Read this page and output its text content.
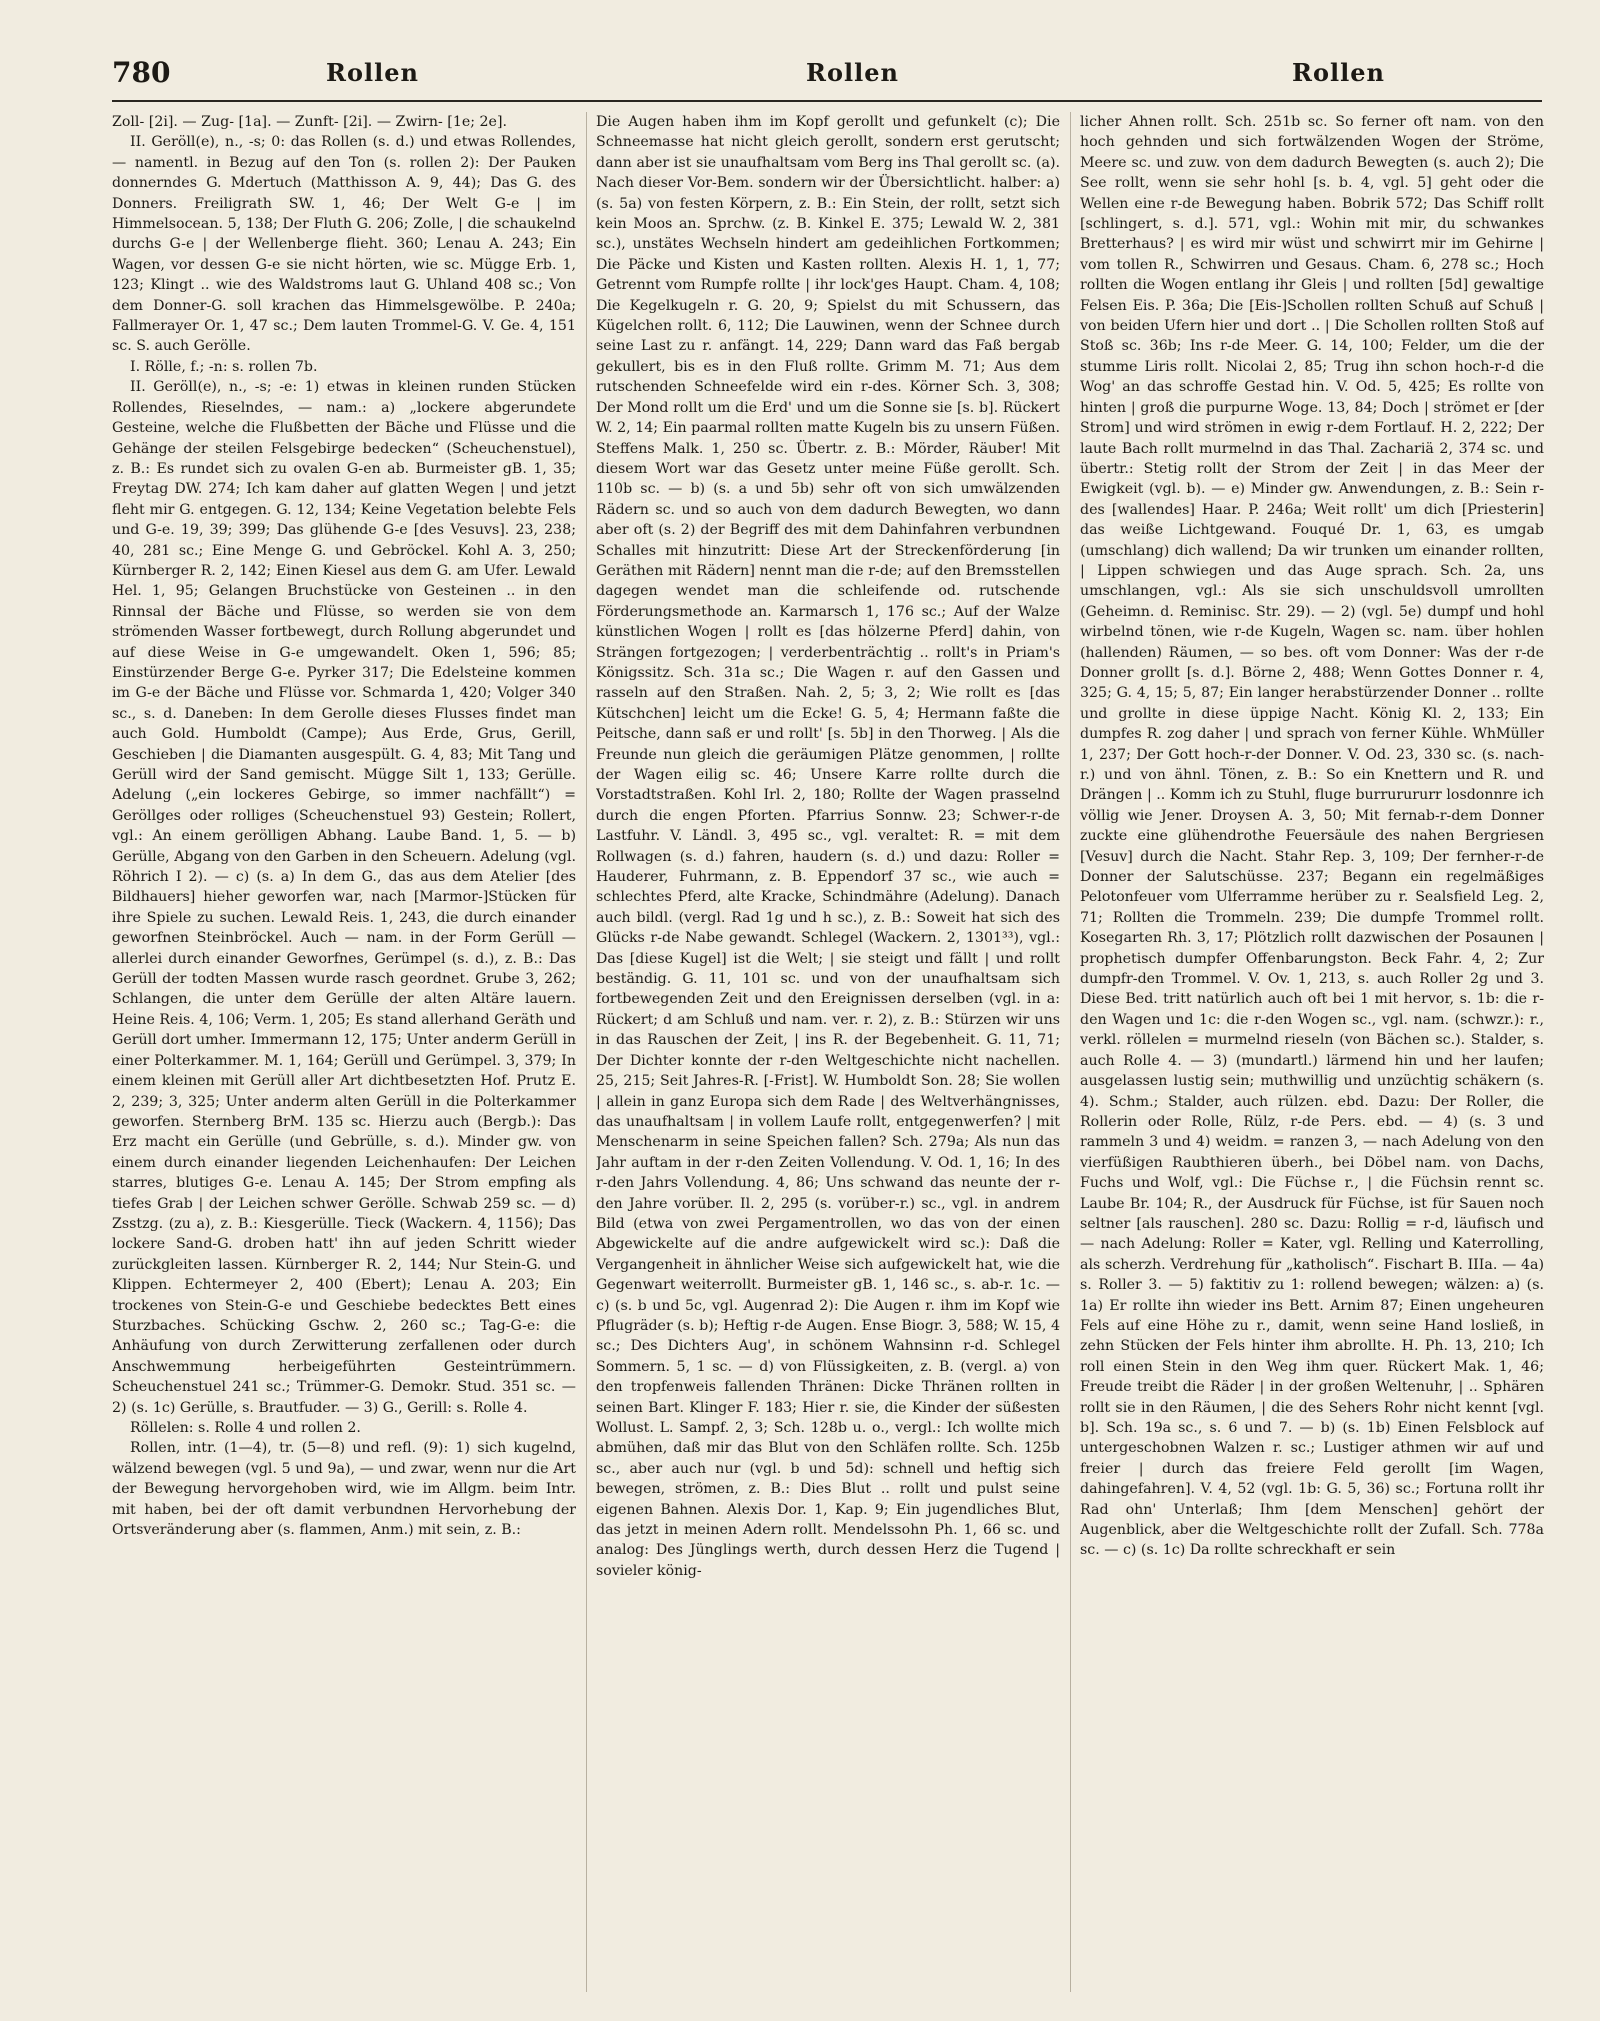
780	Rollen	Rollen	Rollen

Zoll- [2i]. — Zug- [1a]. — Zunft- [2i]. — Zwirn- [1e; 2e].

II. Geröll(e), n., -s; 0: das Rollen (s. d.) und etwas Rollendes, — namentl. in Bezug auf den Ton (s. rollen 2): Der Pauken donnerndes G. Mdertuch (Matthisson A. 9, 44); Das G. des Donners. Freiligrath SW. 1, 46; Der Welt G-e | im Himmelsocean. 5, 138; Der Fluth G. 206; Zolle, | die schaukelnd durchs G-e | der Wellenberge flieht. 360; Lenau A. 243; Ein Wagen, vor dessen G-e sie nicht hörten, wie sc. Mügge Erb. 1, 123; Klingt .. wie des Waldstroms laut G. Uhland 408 sc.; Von dem Donner-G. soll krachen das Himmelsgewölbe. P. 240a; Fallmerayer Or. 1, 47 sc.; Dem lauten Trommel-G. V. Ge. 4, 151 sc. S. auch Gerölle.

I. Rölle, f.; -n: s. rollen 7b.

II. Geröll(e), n., -s; -e: 1) etwas in kleinen runden Stücken Rollendes, Rieselndes, — nam.: a) „lockere abgerundete Gesteine, welche die Flußbetten der Bäche und Flüsse und die Gehänge der steilen Felsgebirge bedecken“ (Scheuchenstuel), z. B.: Es rundet sich zu ovalen G-en ab. Burmeister gB. 1, 35; Freytag DW. 274; Ich kam daher auf glatten Wegen | und jetzt fleht mir G. entgegen. G. 12, 134; Keine Vegetation belebte Fels und G-e. 19, 39; 399; Das glühende G-e [des Vesuvs]. 23, 238; 40, 281 sc.; Eine Menge G. und Gebröckel. Kohl A. 3, 250; Kürnberger R. 2, 142; Einen Kiesel aus dem G. am Ufer. Lewald Hel. 1, 95; Gelangen Bruchstücke von Gesteinen .. in den Rinnsal der Bäche und Flüsse, so werden sie von dem strömenden Wasser fortbewegt, durch Rollung abgerundet und auf diese Weise in G-e umgewandelt. Oken 1, 596; 85; Einstürzender Berge G-e. Pyrker 317; Die Edelsteine kommen im G-e der Bäche und Flüsse vor. Schmarda 1, 420; Volger 340 sc., s. d. Daneben: In dem Gerolle dieses Flusses findet man auch Gold. Humboldt (Campe); Aus Erde, Grus, Gerill, Geschieben | die Diamanten ausgespült. G. 4, 83; Mit Tang und Gerüll wird der Sand gemischt. Mügge Silt 1, 133; Gerülle. Adelung („ein lockeres Gebirge, so immer nachfällt“) = Geröllges oder rolliges (Scheuchenstuel 93) Gestein; Rollert, vgl.: An einem gerölligen Abhang. Laube Band. 1, 5. — b) Gerülle, Abgang von den Garben in den Scheuern. Adelung (vgl. Röhrich I 2). — c) (s. a) In dem G., das aus dem Atelier [des Bildhauers] hieher geworfen war, nach [Marmor-]Stücken für ihre Spiele zu suchen. Lewald Reis. 1, 243, die durch einander geworfnen Steinbröckel. Auch — nam. in der Form Gerüll — allerlei durch einander Geworfnes, Gerümpel (s. d.), z. B.: Das Gerüll der todten Massen wurde rasch geordnet. Grube 3, 262; Schlangen, die unter dem Gerülle der alten Altäre lauern. Heine Reis. 4, 106; Verm. 1, 205; Es stand allerhand Geräth und Gerüll dort umher. Immermann 12, 175; Unter anderm Gerüll in einer Polterkammer. M. 1, 164; Gerüll und Gerümpel. 3, 379; In einem kleinen mit Gerüll aller Art dichtbesetzten Hof. Prutz E. 2, 239; 3, 325; Unter anderm alten Gerüll in die Polterkammer geworfen. Sternberg BrM. 135 sc. Hierzu auch (Bergb.): Das Erz macht ein Gerülle (und Gebrülle, s. d.). Minder gw. von einem durch einander liegenden Leichenhaufen: Der Leichen starres, blutiges G-e. Lenau A. 145; Der Strom empfing als tiefes Grab | der Leichen schwer Gerölle. Schwab 259 sc. — d) Zsstzg. (zu a), z. B.: Kiesgerülle. Tieck (Wackern. 4, 1156); Das lockere Sand-G. droben hatt' ihn auf jeden Schritt wieder zurückgleiten lassen. Kürnberger R. 2, 144; Nur Stein-G. und Klippen. Echtermeyer 2, 400 (Ebert); Lenau A. 203; Ein trockenes von Stein-G-e und Geschiebe bedecktes Bett eines Sturzbaches. Schücking Gschw. 2, 260 sc.; Tag-G-e: die Anhäufung von durch Zerwitterung zerfallenen oder durch Anschwemmung herbeigeführten Gesteintrümmern. Scheuchenstuel 241 sc.; Trümmer-G. Demokr. Stud. 351 sc. — 2) (s. 1c) Gerülle, s. Brautfuder. — 3) G., Gerill: s. Rolle 4.

Röllelen: s. Rolle 4 und rollen 2.

Rollen, intr. (1—4), tr. (5—8) und refl. (9): 1) sich kugelnd, wälzend bewegen (vgl. 5 und 9a), — und zwar, wenn nur die Art der Bewegung hervorgehoben wird, wie im Allgm. beim Intr. mit haben, bei der oft damit verbundnen Hervorhebung der Ortsveränderung aber (s. flammen, Anm.) mit sein, z. B.:

Die Augen haben ihm im Kopf gerollt und gefunkelt (c); Die Schneemasse hat nicht gleich gerollt, sondern erst gerutscht; dann aber ist sie unaufhaltsam vom Berg ins Thal gerollt sc. (a). Nach dieser Vor-Bem. sondern wir der Übersichtlicht. halber: a) (s. 5a) von festen Körpern, z. B.: Ein Stein, der rollt, setzt sich kein Moos an. Sprchw. (z. B. Kinkel E. 375; Lewald W. 2, 381 sc.), unstätes Wechseln hindert am gedeihlichen Fortkommen; Die Päcke und Kisten und Kasten rollten. Alexis H. 1, 1, 77; Getrennt vom Rumpfe rollte | ihr lock'ges Haupt. Cham. 4, 108; Die Kegelkugeln r. G. 20, 9; Spielst du mit Schussern, das Kügelchen rollt. 6, 112; Die Lauwinen, wenn der Schnee durch seine Last zu r. anfängt. 14, 229; Dann ward das Faß bergab gekullert, bis es in den Fluß rollte. Grimm M. 71; Aus dem rutschenden Schneefelde wird ein r-des. Körner Sch. 3, 308; Der Mond rollt um die Erd' und um die Sonne sie [s. b]. Rückert W. 2, 14; Ein paarmal rollten matte Kugeln bis zu unsern Füßen. Steffens Malk. 1, 250 sc. Übertr. z. B.: Mörder, Räuber! Mit diesem Wort war das Gesetz unter meine Füße gerollt. Sch. 110b sc. — b) (s. a und 5b) sehr oft von sich umwälzenden Rädern sc. und so auch von dem dadurch Bewegten, wo dann aber oft (s. 2) der Begriff des mit dem Dahinfahren verbundnen Schalles mit hinzutritt: Diese Art der Streckenförderung [in Geräthen mit Rädern] nennt man die r-de; auf den Bremsstellen dagegen wendet man die schleifende od. rutschende Förderungsmethode an. Karmarsch 1, 176 sc.; Auf der Walze künstlichen Wogen | rollt es [das hölzerne Pferd] dahin, von Strängen fortgezogen; | verderbenträchtig .. rollt's in Priam's Königssitz. Sch. 31a sc.; Die Wagen r. auf den Gassen und rasseln auf den Straßen. Nah. 2, 5; 3, 2; Wie rollt es [das Kütschchen] leicht um die Ecke! G. 5, 4; Hermann faßte die Peitsche, dann saß er und rollt' [s. 5b] in den Thorweg. | Als die Freunde nun gleich die geräumigen Plätze genommen, | rollte der Wagen eilig sc. 46; Unsere Karre rollte durch die Vorstadtstraßen. Kohl Irl. 2, 180; Rollte der Wagen prasselnd durch die engen Pforten. Pfarrius Sonnw. 23; Schwer-r-de Lastfuhr. V. Ländl. 3, 495 sc., vgl. veraltet: R. = mit dem Rollwagen (s. d.) fahren, haudern (s. d.) und dazu: Roller = Hauderer, Fuhrmann, z. B. Eppendorf 37 sc., wie auch = schlechtes Pferd, alte Kracke, Schindmähre (Adelung). Danach auch bildl. (vergl. Rad 1g und h sc.), z. B.: Soweit hat sich des Glücks r-de Nabe gewandt. Schlegel (Wackern. 2, 1301³³), vgl.: Das [diese Kugel] ist die Welt; | sie steigt und fällt | und rollt beständig. G. 11, 101 sc. und von der unaufhaltsam sich fortbewegenden Zeit und den Ereignissen derselben (vgl. in a: Rückert; d am Schluß und nam. ver. r. 2), z. B.: Stürzen wir uns in das Rauschen der Zeit, | ins R. der Begebenheit. G. 11, 71; Der Dichter konnte der r-den Weltgeschichte nicht nachellen. 25, 215; Seit Jahres-R. [-Frist]. W. Humboldt Son. 28; Sie wollen | allein in ganz Europa sich dem Rade | des Weltverhängnisses, das unaufhaltsam | in vollem Laufe rollt, entgegenwerfen? | mit Menschenarm in seine Speichen fallen? Sch. 279a; Als nun das Jahr auftam in der r-den Zeiten Vollendung. V. Od. 1, 16; In des r-den Jahrs Vollendung. 4, 86; Uns schwand das neunte der r-den Jahre vorüber. Il. 2, 295 (s. vorüber-r.) sc., vgl. in andrem Bild (etwa von zwei Pergamentrollen, wo das von der einen Abgewickelte auf die andre aufgewickelt wird sc.): Daß die Vergangenheit in ähnlicher Weise sich aufgewickelt hat, wie die Gegenwart weiterrollt. Burmeister gB. 1, 146 sc., s. ab-r. 1c. — c) (s. b und 5c, vgl. Augenrad 2): Die Augen r. ihm im Kopf wie Pflugräder (s. b); Heftig r-de Augen. Ense Biogr. 3, 588; W. 15, 4 sc.; Des Dichters Aug', in schönem Wahnsinn r-d. Schlegel Sommern. 5, 1 sc. — d) von Flüssigkeiten, z. B. (vergl. a) von den tropfenweis fallenden Thränen: Dicke Thränen rollten in seinen Bart. Klinger F. 183; Hier r. sie, die Kinder der süßesten Wollust. L. Sampf. 2, 3; Sch. 128b u. o., vergl.: Ich wollte mich abmühen, daß mir das Blut von den Schläfen rollte. Sch. 125b sc., aber auch nur (vgl. b und 5d): schnell und heftig sich bewegen, strömen, z. B.: Dies Blut .. rollt und pulst seine eigenen Bahnen. Alexis Dor. 1, Kap. 9; Ein jugendliches Blut, das jetzt in meinen Adern rollt. Mendelssohn Ph. 1, 66 sc. und analog: Des Jünglings werth, durch dessen Herz die Tugend | sovieler könig-

licher Ahnen rollt. Sch. 251b sc. So ferner oft nam. von den hoch gehnden und sich fortwälzenden Wogen der Ströme, Meere sc. und zuw. von dem dadurch Bewegten (s. auch 2); Die See rollt, wenn sie sehr hohl [s. b. 4, vgl. 5] geht oder die Wellen eine r-de Bewegung haben. Bobrik 572; Das Schiff rollt [schlingert, s. d.]. 571, vgl.: Wohin mit mir, du schwankes Bretterhaus? | es wird mir wüst und schwirrt mir im Gehirne | vom tollen R., Schwirren und Gesaus. Cham. 6, 278 sc.; Hoch rollten die Wogen entlang ihr Gleis | und rollten [5d] gewaltige Felsen Eis. P. 36a; Die [Eis-]Schollen rollten Schuß auf Schuß | von beiden Ufern hier und dort .. | Die Schollen rollten Stoß auf Stoß sc. 36b; Ins r-de Meer. G. 14, 100; Felder, um die der stumme Liris rollt. Nicolai 2, 85; Trug ihn schon hoch-r-d die Wog' an das schroffe Gestad hin. V. Od. 5, 425; Es rollte von hinten | groß die purpurne Woge. 13, 84; Doch | strömet er [der Strom] und wird strömen in ewig r-dem Fortlauf. H. 2, 222; Der laute Bach rollt murmelnd in das Thal. Zachariä 2, 374 sc. und übertr.: Stetig rollt der Strom der Zeit | in das Meer der Ewigkeit (vgl. b). — e) Minder gw. Anwendungen, z. B.: Sein r-des [wallendes] Haar. P. 246a; Weit rollt' um dich [Priesterin] das weiße Lichtgewand. Fouqué Dr. 1, 63, es umgab (umschlang) dich wallend; Da wir trunken um einander rollten, | Lippen schwiegen und das Auge sprach. Sch. 2a, uns umschlangen, vgl.: Als sie sich unschuldsvoll umrollten (Geheimn. d. Reminisc. Str. 29). — 2) (vgl. 5e) dumpf und hohl wirbelnd tönen, wie r-de Kugeln, Wagen sc. nam. über hohlen (hallenden) Räumen, — so bes. oft vom Donner: Was der r-de Donner grollt [s. d.]. Börne 2, 488; Wenn Gottes Donner r. 4, 325; G. 4, 15; 5, 87; Ein langer herabstürzender Donner .. rollte und grollte in diese üppige Nacht. König Kl. 2, 133; Ein dumpfes R. zog daher | und sprach von ferner Kühle. WhMüller 1, 237; Der Gott hoch-r-der Donner. V. Od. 23, 330 sc. (s. nach-r.) und von ähnl. Tönen, z. B.: So ein Knettern und R. und Drängen | .. Komm ich zu Stuhl, fluge burrurururr losdonnre ich völlig wie Jener. Droysen A. 3, 50; Mit fernab-r-dem Donner zuckte eine glühendrothe Feuersäule des nahen Bergriesen [Vesuv] durch die Nacht. Stahr Rep. 3, 109; Der fernher-r-de Donner der Salutschüsse. 237; Begann ein regelmäßiges Pelotonfeuer vom Ulferramme herüber zu r. Sealsfield Leg. 2, 71; Rollten die Trommeln. 239; Die dumpfe Trommel rollt. Kosegarten Rh. 3, 17; Plötzlich rollt dazwischen der Posaunen | prophetisch dumpfer Offenbarungston. Beck Fahr. 4, 2; Zur dumpfr-den Trommel. V. Ov. 1, 213, s. auch Roller 2g und 3. Diese Bed. tritt natürlich auch oft bei 1 mit hervor, s. 1b: die r-den Wagen und 1c: die r-den Wogen sc., vgl. nam. (schwzr.): r., verkl. röllelen = murmelnd rieseln (von Bächen sc.). Stalder, s. auch Rolle 4. — 3) (mundartl.) lärmend hin und her laufen; ausgelassen lustig sein; muthwillig und unzüchtig schäkern (s. 4). Schm.; Stalder, auch rülzen. ebd. Dazu: Der Roller, die Rollerin oder Rolle, Rülz, r-de Pers. ebd. — 4) (s. 3 und rammeln 3 und 4) weidm. = ranzen 3, — nach Adelung von den vierfüßigen Raubthieren überh., bei Döbel nam. von Dachs, Fuchs und Wolf, vgl.: Die Füchse r., | die Füchsin rennt sc. Laube Br. 104; R., der Ausdruck für Füchse, ist für Sauen noch seltner [als rauschen]. 280 sc. Dazu: Rollig = r-d, läufisch und — nach Adelung: Roller = Kater, vgl. Relling und Katerrolling, als scherzh. Verdrehung für „katholisch“. Fischart B. IIIa. — 4a) s. Roller 3. — 5) faktitiv zu 1: rollend bewegen; wälzen: a) (s. 1a) Er rollte ihn wieder ins Bett. Arnim 87; Einen ungeheuren Fels auf eine Höhe zu r., damit, wenn seine Hand losließ, in zehn Stücken der Fels hinter ihm abrollte. H. Ph. 13, 210; Ich roll einen Stein in den Weg ihm quer. Rückert Mak. 1, 46; Freude treibt die Räder | in der großen Weltenuhr, | .. Sphären rollt sie in den Räumen, | die des Sehers Rohr nicht kennt [vgl. b]. Sch. 19a sc., s. 6 und 7. — b) (s. 1b) Einen Felsblock auf untergeschobnen Walzen r. sc.; Lustiger athmen wir auf und freier | durch das freiere Feld gerollt [im Wagen, dahingefahren]. V. 4, 52 (vgl. 1b: G. 5, 36) sc.; Fortuna rollt ihr Rad ohn' Unterlaß; Ihm [dem Menschen] gehört der Augenblick, aber die Weltgeschichte rollt der Zufall. Sch. 778a sc. — c) (s. 1c) Da rollte schreckhaft er sein
